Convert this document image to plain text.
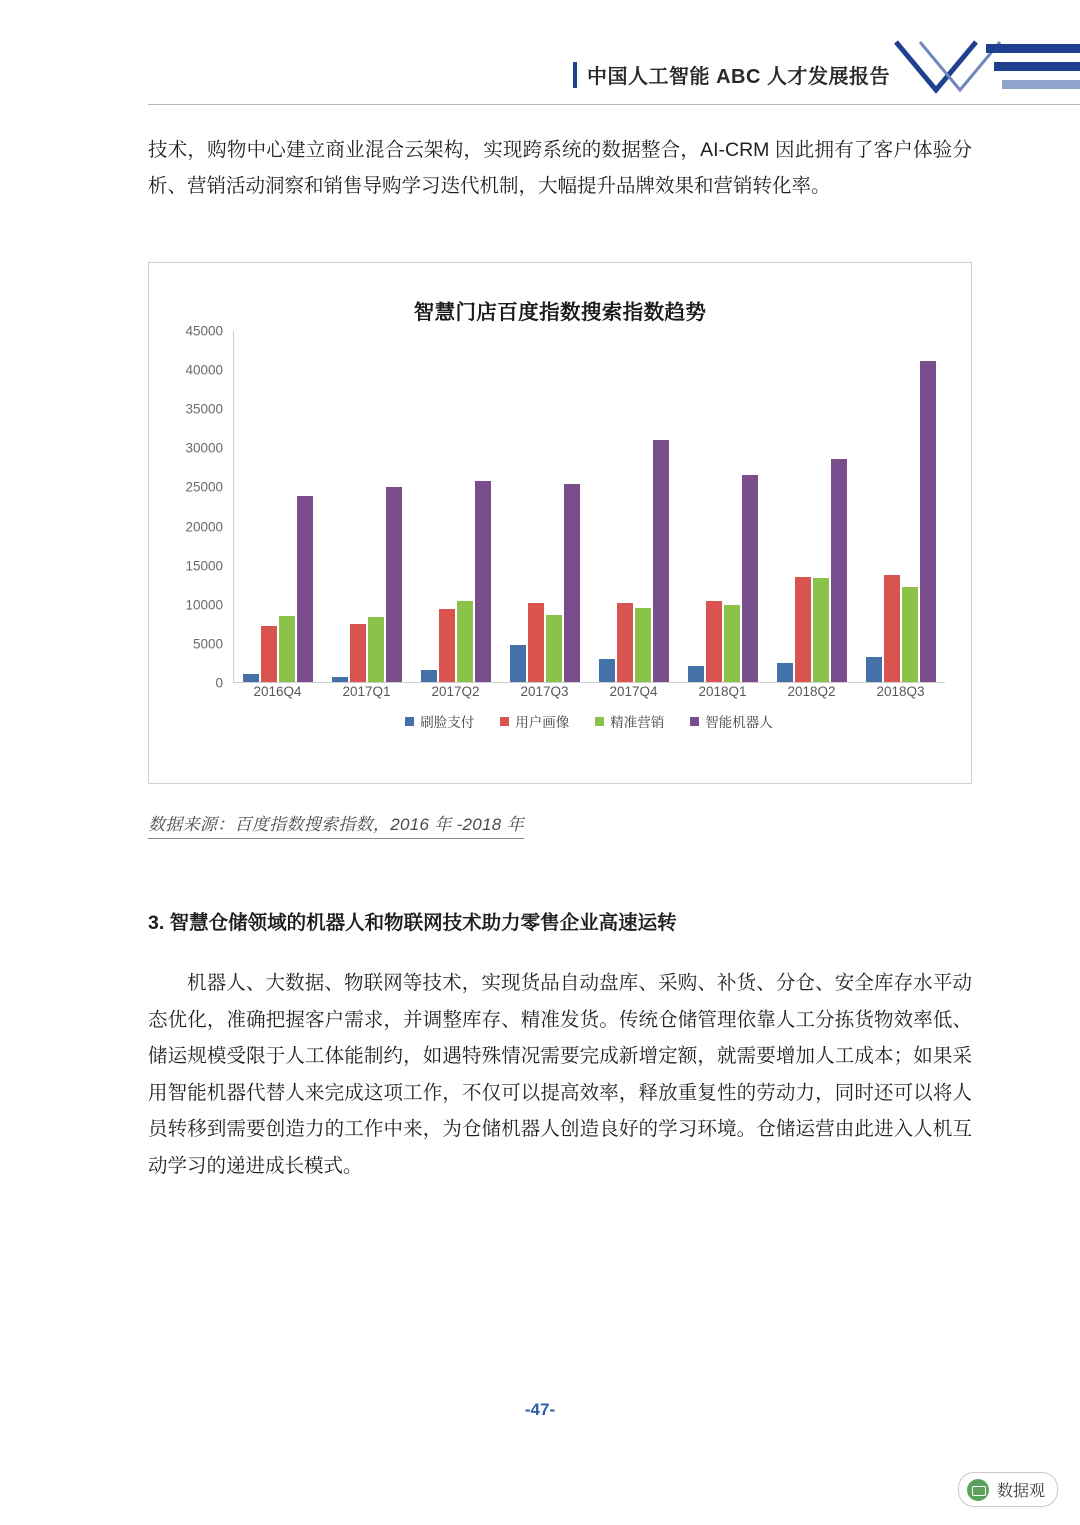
中国人工智能 ABC 人才发展报告

技术，购物中心建立商业混合云架构，实现跨系统的数据整合，AI-CRM 因此拥有了客户体验分析、营销活动洞察和销售导购学习迭代机制，大幅提升品牌效果和营销转化率。

智慧门店百度指数搜索指数趋势
45000
40000
35000
30000
25000
20000
15000
10000
5000
0
2016Q4	2017Q1	2017Q2	2017Q3	2017Q4	2018Q1	2018Q2	2018Q3
刷脸支付	用户画像	精准营销	智能机器人
数据来源：百度指数搜索指数，2016 年 -2018 年
3. 智慧仓储领域的机器人和物联网技术助力零售企业高速运转

机器人、大数据、物联网等技术，实现货品自动盘库、采购、补货、分仓、安全库存水平动态优化，准确把握客户需求，并调整库存、精准发货。传统仓储管理依靠人工分拣货物效率低、储运规模受限于人工体能制约，如遇特殊情况需要完成新增定额，就需要增加人工成本；如果采用智能机器代替人来完成这项工作，不仅可以提高效率，释放重复性的劳动力，同时还可以将人员转移到需要创造力的工作中来，为仓储机器人创造良好的学习环境。仓储运营由此进入人机互动学习的递进成长模式。

-47-
数据观
